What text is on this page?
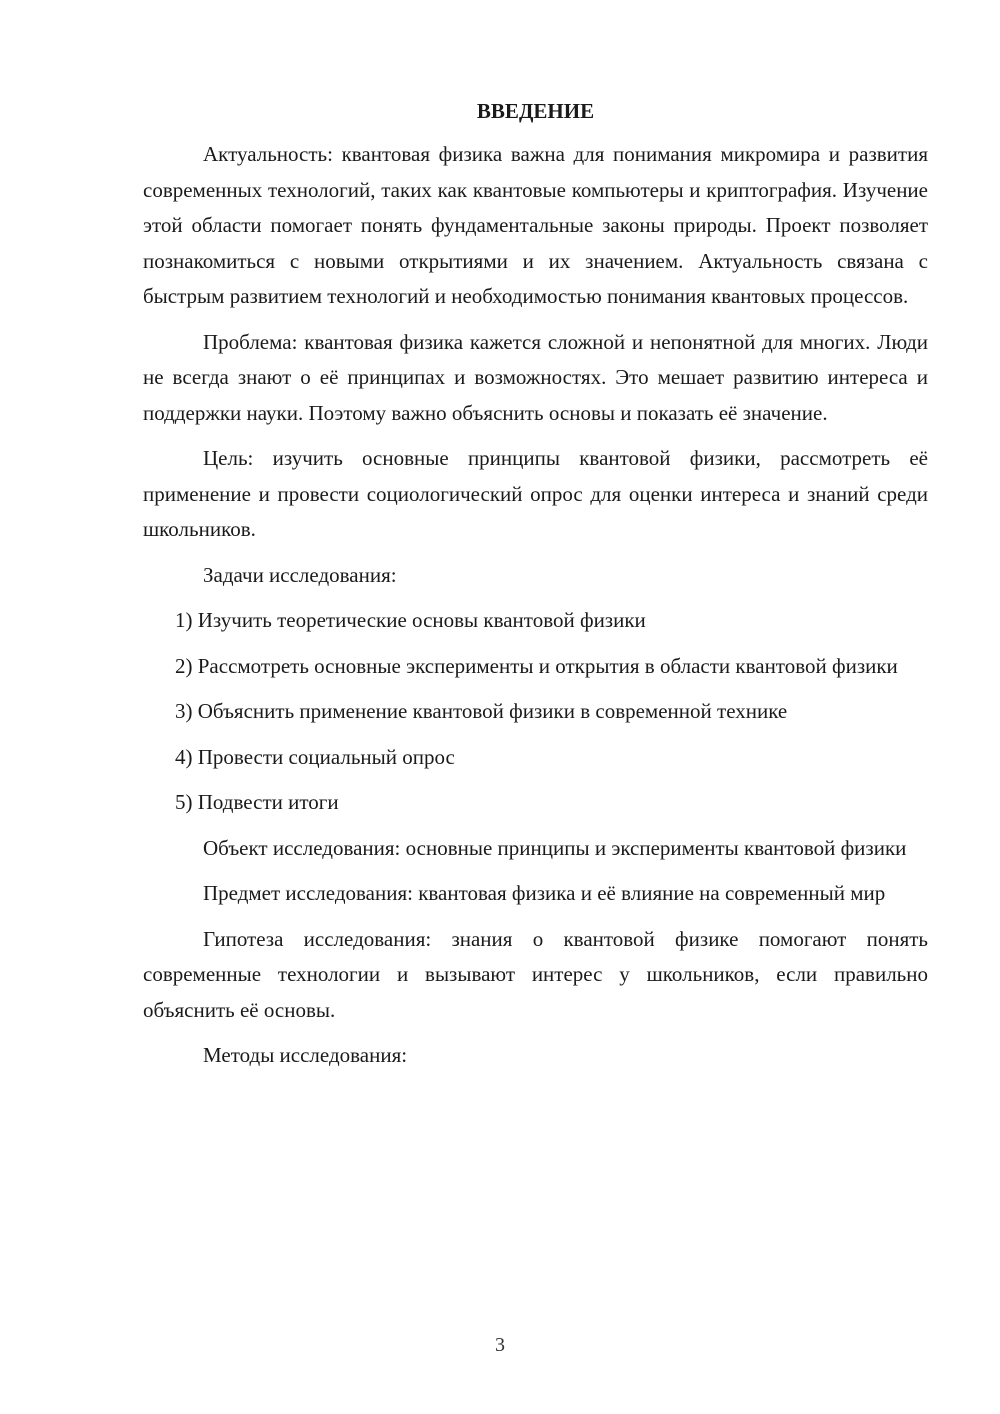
ВВЕДЕНИЕ

Актуальность: квантовая физика важна для понимания микромира и развития современных технологий, таких как квантовые компьютеры и криптография. Изучение этой области помогает понять фундаментальные законы природы. Проект позволяет познакомиться с новыми открытиями и их значением. Актуальность связана с быстрым развитием технологий и необходимостью понимания квантовых процессов.

Проблема: квантовая физика кажется сложной и непонятной для многих. Люди не всегда знают о её принципах и возможностях. Это мешает развитию интереса и поддержки науки. Поэтому важно объяснить основы и показать её значение.

Цель: изучить основные принципы квантовой физики, рассмотреть её применение и провести социологический опрос для оценки интереса и знаний среди школьников.

Задачи исследования:

1) Изучить теоретические основы квантовой физики

2) Рассмотреть основные эксперименты и открытия в области квантовой физики

3) Объяснить применение квантовой физики в современной технике

4) Провести социальный опрос

5) Подвести итоги

Объект исследования: основные принципы и эксперименты квантовой физики

Предмет исследования: квантовая физика и её влияние на современный мир

Гипотеза исследования: знания о квантовой физике помогают понять современные технологии и вызывают интерес у школьников, если правильно объяснить её основы.

Методы исследования:

3
